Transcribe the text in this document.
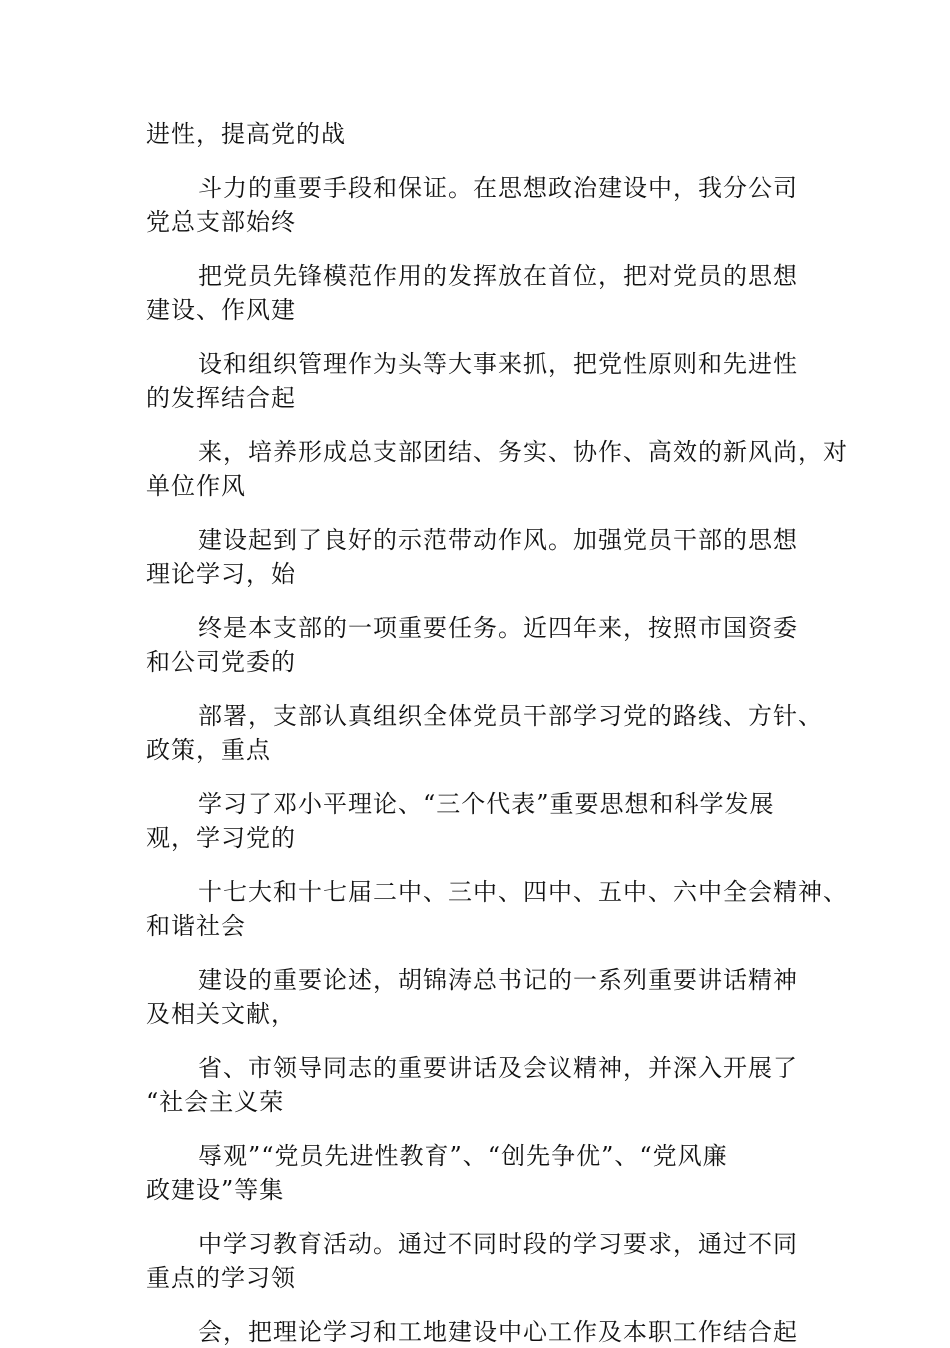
进性，提高党的战
斗力的重要手段和保证。在思想政治建设中，我分公司
党总支部始终
把党员先锋模范作用的发挥放在首位，把对党员的思想
建设、作风建
设和组织管理作为头等大事来抓，把党性原则和先进性
的发挥结合起
来，培养形成总支部团结、务实、协作、高效的新风尚，对
单位作风
建设起到了良好的示范带动作风。加强党员干部的思想
理论学习，始
终是本支部的一项重要任务。近四年来，按照市国资委
和公司党委的
部署，支部认真组织全体党员干部学习党的路线、方针、
政策，重点
学习了邓小平理论、“三个代表”重要思想和科学发展
观，学习党的
十七大和十七届二中、三中、四中、五中、六中全会精神、
和谐社会
建设的重要论述，胡锦涛总书记的一系列重要讲话精神
及相关文献，
省、市领导同志的重要讲话及会议精神，并深入开展了
“社会主义荣
辱观”“党员先进性教育”、“创先争优”、“党风廉
政建设”等集
中学习教育活动。通过不同时段的学习要求，通过不同
重点的学习领
会，把理论学习和工地建设中心工作及本职工作结合起
